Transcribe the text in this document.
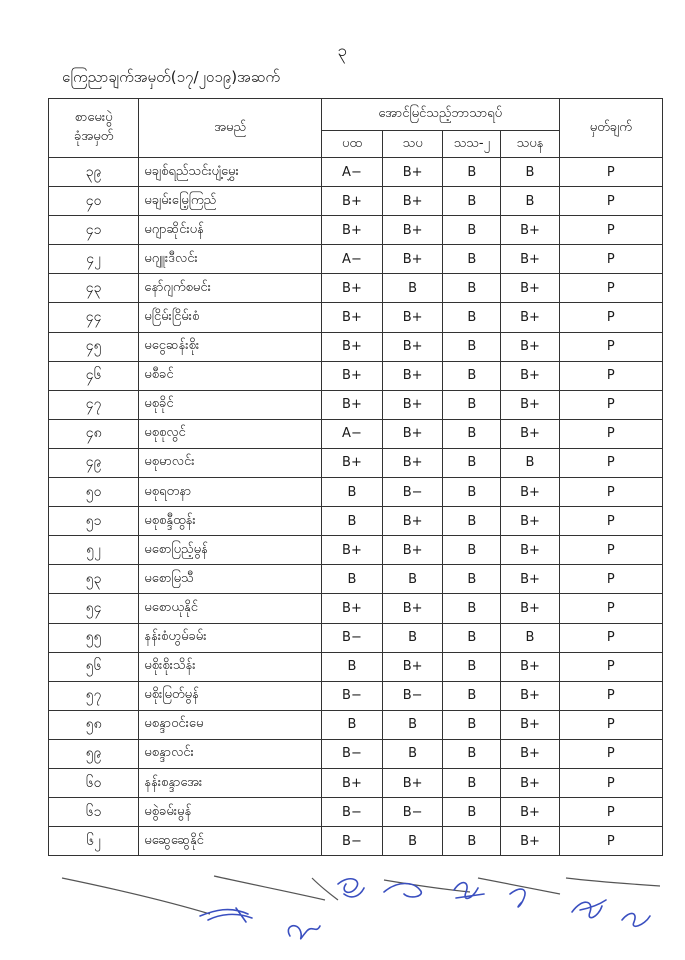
၃
ကြေညာချက်အမှတ်(၁၇/၂၀၁၉)အဆက်
စာမေးပွဲ
ခုံအမှတ်	အမည်	အောင်မြင်သည့်ဘာသာရပ်				မှတ်ချက်
		ပထ	သပ	သသ-၂	သပန	
၃၉	မချစ်ရည်သင်းပျံ့မွှေး	A−	B+	B	B	P
၄၀	မချမ်းမြေ့ကြည်	B+	B+	B	B	P
၄၁	မဂျာဆိုင်းပန်	B+	B+	B	B+	P
၄၂	မဂျူးဒီလင်း	A−	B+	B	B+	P
၄၃	နော်ဂျက်စမင်း	B+	B	B	B+	P
၄၄	မငြိမ်းငြိမ်းစံ	B+	B+	B	B+	P
၄၅	မငွေဆန်းစိုး	B+	B+	B	B+	P
၄၆	မစီခင်	B+	B+	B	B+	P
၄၇	မစုခိုင်	B+	B+	B	B+	P
၄၈	မစုစုလွင်	A−	B+	B	B+	P
၄၉	မစုမာလင်း	B+	B+	B	B	P
၅၀	မစုရတနာ	B	B−	B	B+	P
၅၁	မစုစန္ဒီထွန်း	B	B+	B	B+	P
၅၂	မစောပြည့်မွန်	B+	B+	B	B+	P
၅၃	မစောမြသီ	B	B	B	B+	P
၅၄	မစောယုနိုင်	B+	B+	B	B+	P
၅၅	နန်းစံဟွမ်ခမ်း	B−	B	B	B	P
၅၆	မစိုးစိုးသိန်း	B	B+	B	B+	P
၅၇	မစိုးမြတ်မွန်	B−	B−	B	B+	P
၅၈	မစန္ဒာဝင်းမေ	B	B	B	B+	P
၅၉	မစန္ဒာလင်း	B−	B	B	B+	P
၆၀	နန်းစန္ဒာအေး	B+	B+	B	B+	P
၆၁	မစွဲခမ်းမွန်	B−	B−	B	B+	P
၆၂	မဆွေဆွေနိုင်	B−	B	B	B+	P
